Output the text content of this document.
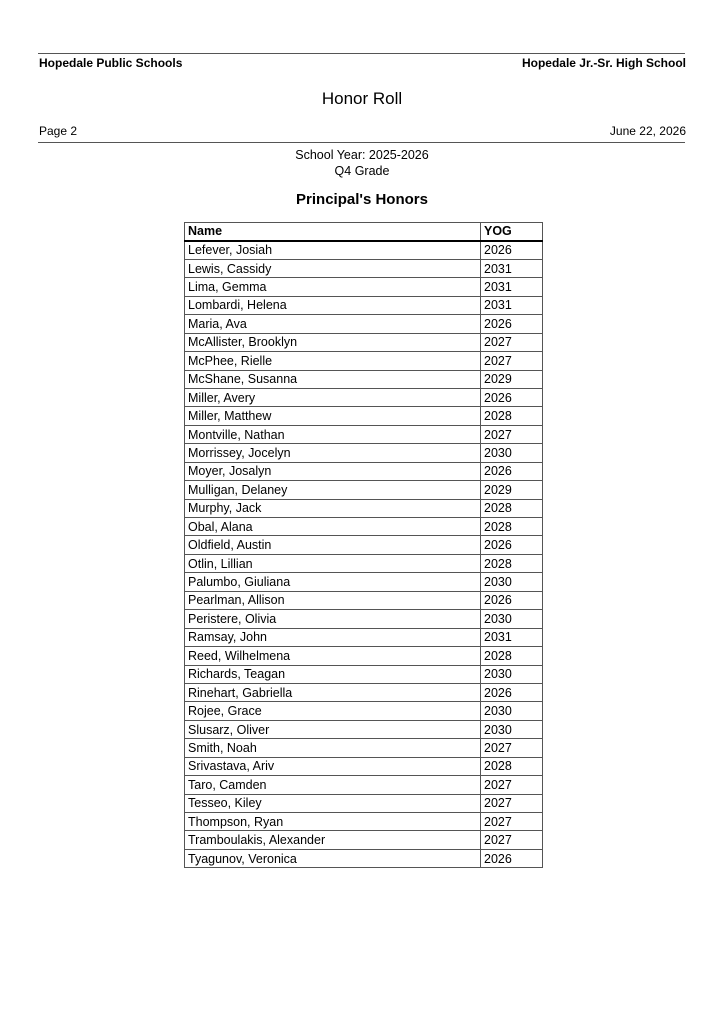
Hopedale Public Schools	Hopedale Jr.-Sr. High School
Honor Roll
Page 2	June 22, 2026
School Year: 2025-2026
Q4 Grade
Principal's Honors
Name	YOG
Lefever, Josiah	2026
Lewis, Cassidy	2031
Lima, Gemma	2031
Lombardi, Helena	2031
Maria, Ava	2026
McAllister, Brooklyn	2027
McPhee, Rielle	2027
McShane, Susanna	2029
Miller, Avery	2026
Miller, Matthew	2028
Montville, Nathan	2027
Morrissey, Jocelyn	2030
Moyer, Josalyn	2026
Mulligan, Delaney	2029
Murphy, Jack	2028
Obal, Alana	2028
Oldfield, Austin	2026
Otlin, Lillian	2028
Palumbo, Giuliana	2030
Pearlman, Allison	2026
Peristere, Olivia	2030
Ramsay, John	2031
Reed, Wilhelmena	2028
Richards, Teagan	2030
Rinehart, Gabriella	2026
Rojee, Grace	2030
Slusarz, Oliver	2030
Smith, Noah	2027
Srivastava, Ariv	2028
Taro, Camden	2027
Tesseo, Kiley	2027
Thompson, Ryan	2027
Tramboulakis, Alexander	2027
Tyagunov, Veronica	2026
